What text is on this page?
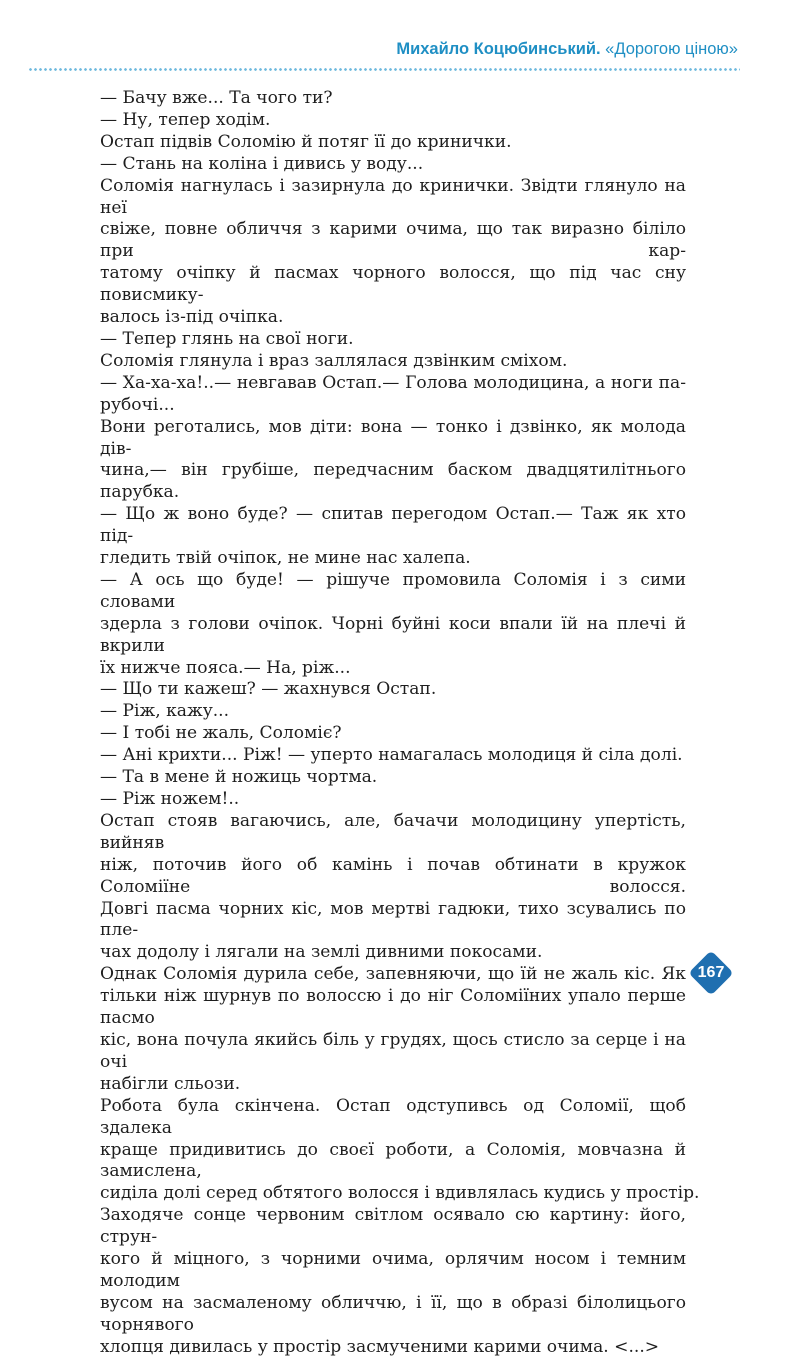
Михайло Коцюбинський. «Дорогою ціною»
— Бачу вже... Та чого ти?
— Ну, тепер ходім.
Остап підвів Соломію й потяг її до кринички.
— Стань на коліна і дивись у воду...
Соломія нагнулась і зазирнула до кринички. Звідти глянуло на неї
свіже, повне обличчя з карими очима, що так виразно біліло при кар-
татому очіпку й пасмах чорного волосся, що під час сну повисмику-
валось із-під очіпка.
— Тепер глянь на свої ноги.
Соломія глянула і враз заллялася дзвінким сміхом.
— Ха-ха-ха!..— невгавав Остап.— Голова молодицина, а ноги па-
рубочі...
Вони реготались, мов діти: вона — тонко і дзвінко, як молода дів-
чина,— він грубіше, передчасним баском двадцятилітнього парубка.
— Що ж воно буде? — спитав перегодом Остап.— Таж як хто під-
гледить твій очіпок, не мине нас халепа.
— А ось що буде! — рішуче промовила Соломія і з сими словами
здерла з голови очіпок. Чорні буйні коси впали їй на плечі й вкрили
їх нижче пояса.— На, ріж...
— Що ти кажеш? — жахнувся Остап.
— Ріж, кажу...
— І тобі не жаль, Соломіє?
— Ані крихти... Ріж! — уперто намагалась молодиця й сіла долі.
— Та в мене й ножиць чортма.
— Ріж ножем!..
Остап стояв вагаючись, але, бачачи молодицину упертість, вийняв
ніж, поточив його об камінь і почав обтинати в кружок Соломіїне волосся.
Довгі пасма чорних кіс, мов мертві гадюки, тихо зсувались по пле-
чах додолу і лягали на землі дивними покосами.
Однак Соломія дурила себе, запевняючи, що їй не жаль кіс. Як
тільки ніж шурнув по волоссю і до ніг Соломіїних упало перше пасмо
кіс, вона почула якийсь біль у грудях, щось стисло за серце і на очі
набігли сльози.
Робота була скінчена. Остап одступивсь од Соломії, щоб здалека
краще придивитись до своєї роботи, а Соломія, мовчазна й замислена,
сиділа долі серед обтятого волосся і вдивлялась кудись у простір.
Заходяче сонце червоним світлом осявало сю картину: його, струн-
кого й міцного, з чорними очима, орлячим носом і темним молодим
вусом на засмаленому обличчю, і її, що в образі білолицього чорнявого
хлопця дивилась у простір засмученими карими очима. <...>
167
